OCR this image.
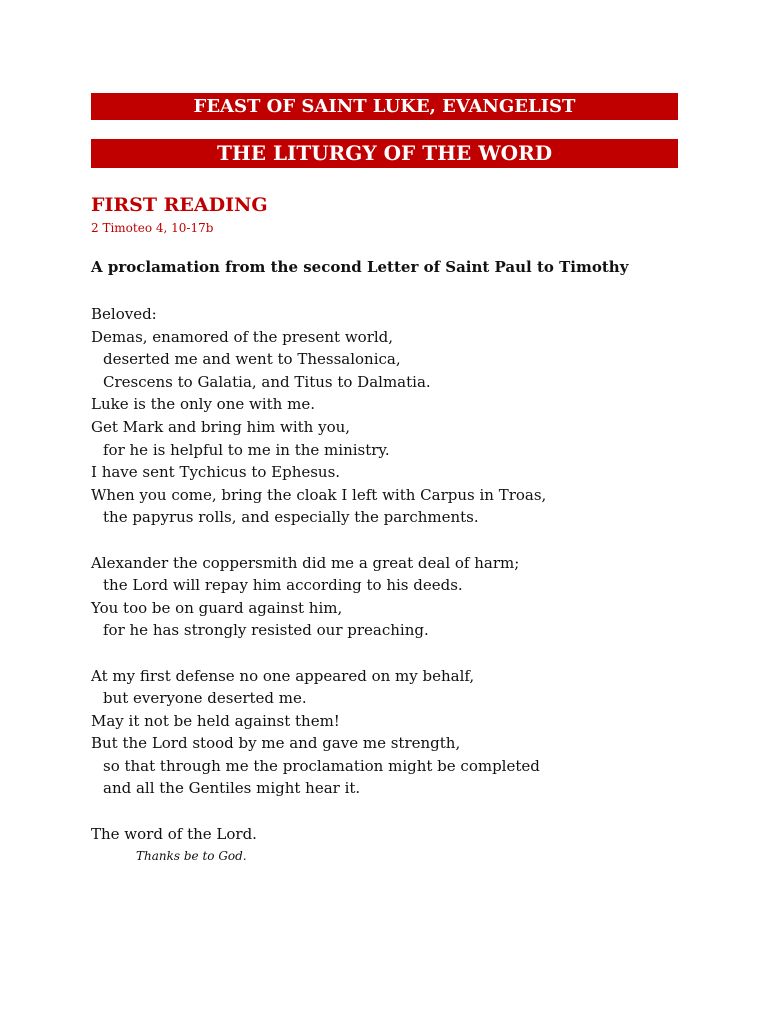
FEAST OF SAINT LUKE, EVANGELIST
THE LITURGY OF THE WORD
FIRST READING
2 Timoteo 4, 10-17b
A proclamation from the second Letter of Saint Paul to Timothy
Beloved:
Demas, enamored of the present world,
deserted me and went to Thessalonica,
Crescens to Galatia, and Titus to Dalmatia.
Luke is the only one with me.
Get Mark and bring him with you,
for he is helpful to me in the ministry.
I have sent Tychicus to Ephesus.
When you come, bring the cloak I left with Carpus in Troas,
the papyrus rolls, and especially the parchments.
Alexander the coppersmith did me a great deal of harm;
the Lord will repay him according to his deeds.
You too be on guard against him,
for he has strongly resisted our preaching.
At my first defense no one appeared on my behalf,
but everyone deserted me.
May it not be held against them!
But the Lord stood by me and gave me strength,
so that through me the proclamation might be completed
and all the Gentiles might hear it.
The word of the Lord.
Thanks be to God.
